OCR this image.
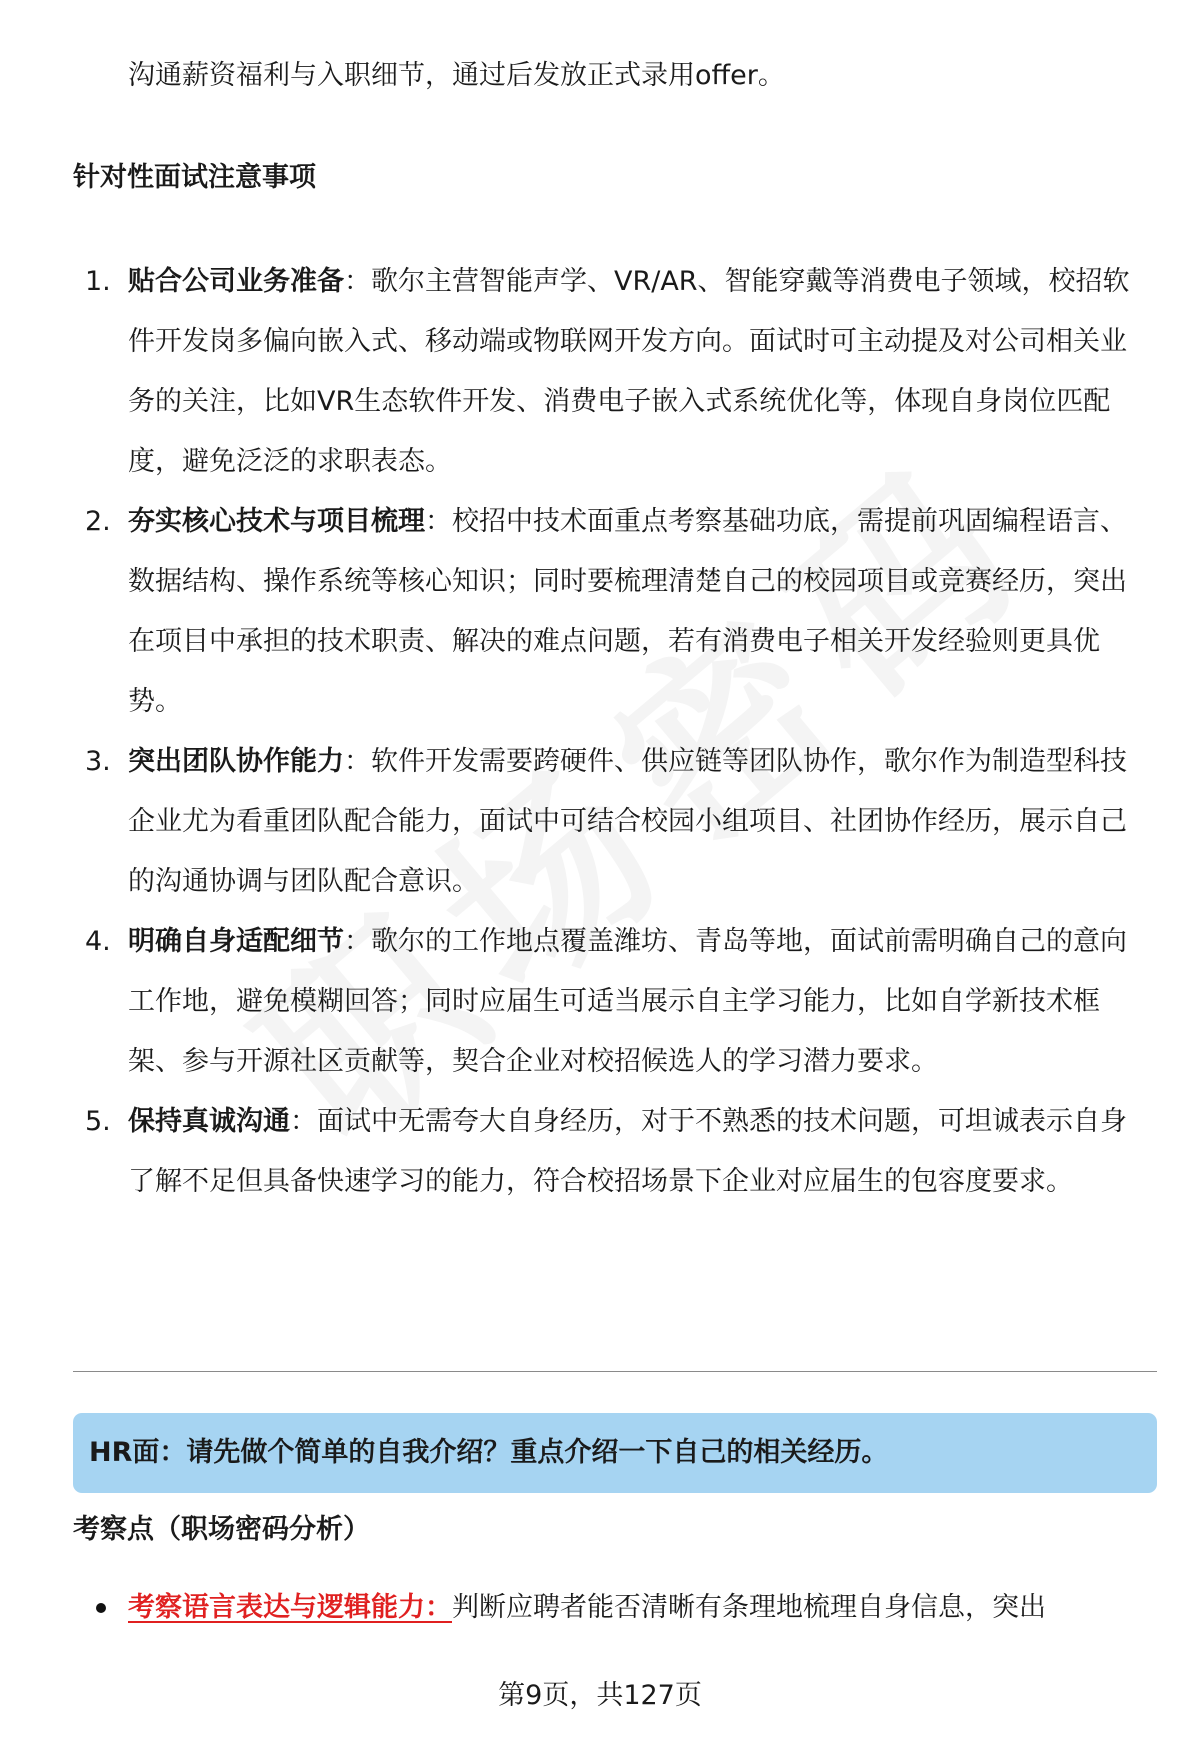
沟通薪资福利与入职细节，通过后发放正式录用offer。
针对性面试注意事项
1. 贴合公司业务准备：歌尔主营智能声学、VR/AR、智能穿戴等消费电子领域，校招软件开发岗多偏向嵌入式、移动端或物联网开发方向。面试时可主动提及对公司相关业务的关注，比如VR生态软件开发、消费电子嵌入式系统优化等，体现自身岗位匹配度，避免泛泛的求职表态。
2. 夯实核心技术与项目梳理：校招中技术面重点考察基础功底，需提前巩固编程语言、数据结构、操作系统等核心知识；同时要梳理清楚自己的校园项目或竞赛经历，突出在项目中承担的技术职责、解决的难点问题，若有消费电子相关开发经验则更具优势。
3. 突出团队协作能力：软件开发需要跨硬件、供应链等团队协作，歌尔作为制造型科技企业尤为看重团队配合能力，面试中可结合校园小组项目、社团协作经历，展示自己的沟通协调与团队配合意识。
4. 明确自身适配细节：歌尔的工作地点覆盖潍坊、青岛等地，面试前需明确自己的意向工作地，避免模糊回答；同时应届生可适当展示自主学习能力，比如自学新技术框架、参与开源社区贡献等，契合企业对校招候选人的学习潜力要求。
5. 保持真诚沟通：面试中无需夸大自身经历，对于不熟悉的技术问题，可坦诚表示自身了解不足但具备快速学习的能力，符合校招场景下企业对应届生的包容度要求。
HR面：请先做个简单的自我介绍？重点介绍一下自己的相关经历。
考察点（职场密码分析）
考察语言表达与逻辑能力：判断应聘者能否清晰有条理地梳理自身信息，突出
第9页，共127页
